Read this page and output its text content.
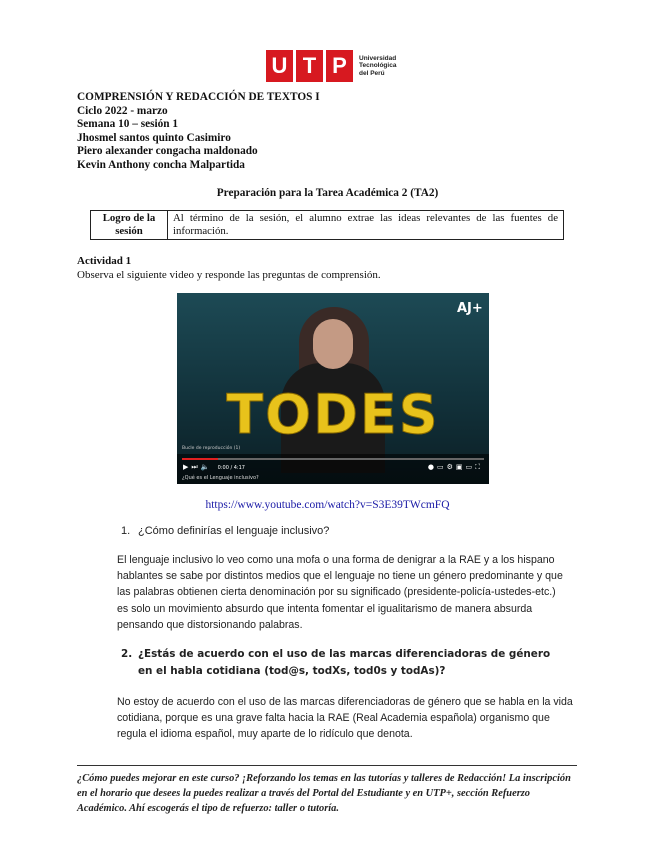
U T P	Universidad
Tecnológica
del Perú
COMPRENSIÓN Y REDACCIÓN DE TEXTOS I
Ciclo 2022 - marzo
Semana 10 – sesión 1
Jhosmel santos quinto Casimiro
Piero alexander congacha maldonado
Kevin Anthony concha Malpartida
Preparación para la Tarea Académica 2 (TA2)
Logro de la sesión	Al término de la sesión, el alumno extrae las ideas relevantes de las fuentes de información.
Actividad 1
Observa el siguiente video y responde las preguntas de comprensión.
TODES
AJ+
Bucle de reproducción (1)
▶⏭🔈 0:00 / 4:17	●▭⚙▣▭⛶
¿Qué es el Lenguaje inclusivo?
https://www.youtube.com/watch?v=S3E39TWcmFQ
1. ¿Cómo definirías el lenguaje inclusivo?
El lenguaje inclusivo lo veo como una mofa o una forma de denigrar a la RAE y a los hispano hablantes se sabe por distintos medios que el lenguaje no tiene un género predominante y que las palabras obtienen cierta denominación por su significado (presidente-policía-ustedes-etc.) es solo un movimiento absurdo que intenta fomentar el igualitarismo de manera absurda pensando que distorsionando palabras.
2. ¿Estás de acuerdo con el uso de las marcas diferenciadoras de género en el habla cotidiana (tod@s, todXs, tod0s y todAs)?
No estoy de acuerdo con el uso de las marcas diferenciadoras de género que se habla en la vida cotidiana, porque es una grave falta hacia la RAE (Real Academia española) organismo que regula el idioma español, muy aparte de lo ridículo que denota.
¿Cómo puedes mejorar en este curso? ¡Reforzando los temas en las tutorías y talleres de Redacción! La inscripción en el horario que desees la puedes realizar a través del Portal del Estudiante y en UTP+, sección Refuerzo Académico. Ahí escogerás el tipo de refuerzo: taller o tutoría.
